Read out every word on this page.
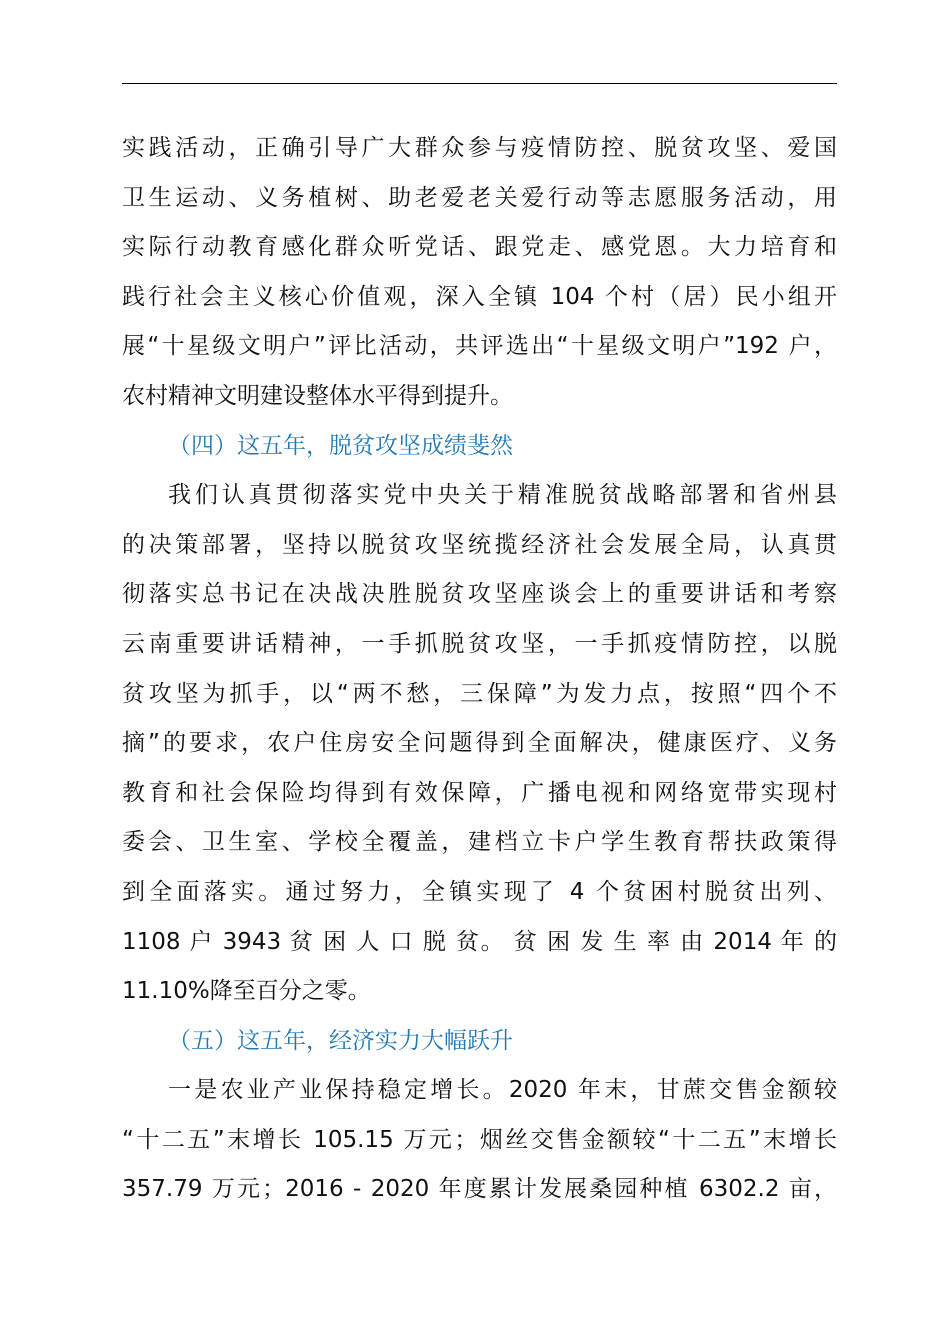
实践活动，正确引导广大群众参与疫情防控、脱贫攻坚、爱国
卫生运动、义务植树、助老爱老关爱行动等志愿服务活动，用
实际行动教育感化群众听党话、跟党走、感党恩。大力培育和
践行社会主义核心价值观，深入全镇 104 个村（居）民小组开
展“十星级文明户”评比活动，共评选出“十星级文明户”192 户，
农村精神文明建设整体水平得到提升。
（四）这五年，脱贫攻坚成绩斐然
我们认真贯彻落实党中央关于精准脱贫战略部署和省州县
的决策部署，坚持以脱贫攻坚统揽经济社会发展全局，认真贯
彻落实总书记在决战决胜脱贫攻坚座谈会上的重要讲话和考察
云南重要讲话精神，一手抓脱贫攻坚，一手抓疫情防控，以脱
贫攻坚为抓手，以“两不愁，三保障”为发力点，按照“四个不
摘”的要求，农户住房安全问题得到全面解决，健康医疗、义务
教育和社会保险均得到有效保障，广播电视和网络宽带实现村
委会、卫生室、学校全覆盖，建档立卡户学生教育帮扶政策得
到全面落实。通过努力，全镇实现了 4 个贫困村脱贫出列、
1108 户 3943 贫 困 人 口 脱 贫。 贫 困 发 生 率 由 2014 年 的
11.10%降至百分之零。
（五）这五年，经济实力大幅跃升
一是农业产业保持稳定增长。2020 年末，甘蔗交售金额较
“十二五”末增长 105.15 万元；烟丝交售金额较“十二五”末增长
357.79 万元；2016 - 2020 年度累计发展桑园种植 6302.2 亩，
